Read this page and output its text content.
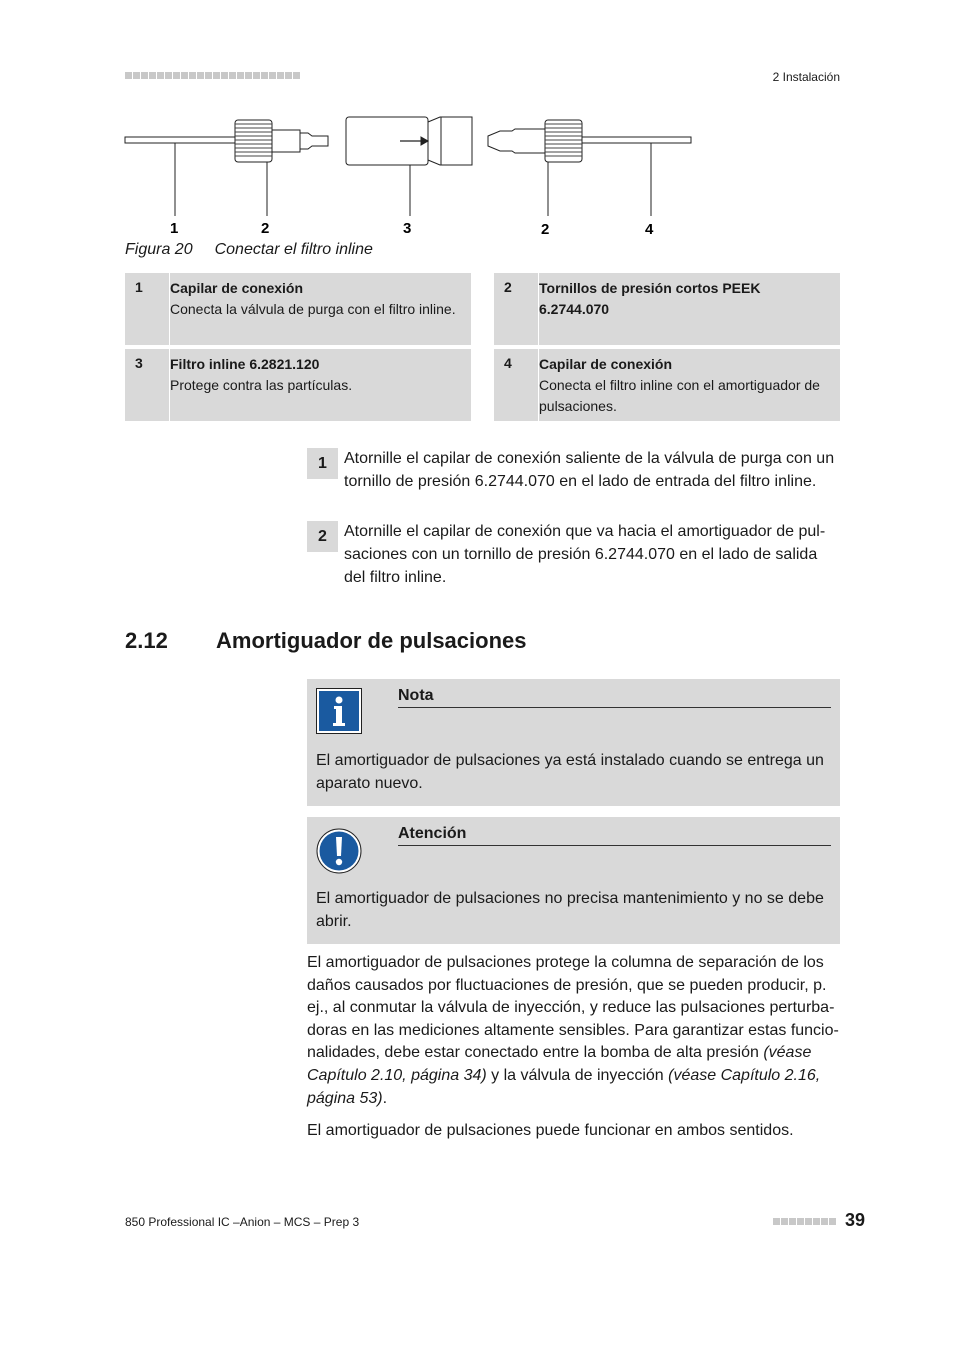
2 Instalación
1	2	3	2	4
Figura 20 Conectar el filtro inline
1	Capilar de conexión
Conecta la válvula de purga con el filtro inline.
2	Tornillos de presión cortos PEEK 6.2744.070
3	Filtro inline 6.2821.120
Protege contra las partículas.
4	Capilar de conexión
Conecta el filtro inline con el amortiguador de pulsaciones.
1	Atornille el capilar de conexión saliente de la válvula de purga con un tornillo de presión 6.2744.070 en el lado de entrada del filtro inline.
2	Atornille el capilar de conexión que va hacia el amortiguador de pul-saciones con un tornillo de presión 6.2744.070 en el lado de salida del filtro inline.
2.12 Amortiguador de pulsaciones
Nota
El amortiguador de pulsaciones ya está instalado cuando se entrega un aparato nuevo.
Atención
El amortiguador de pulsaciones no precisa mantenimiento y no se debe abrir.
El amortiguador de pulsaciones protege la columna de separación de los daños causados por fluctuaciones de presión, que se pueden producir, p. ej., al conmutar la válvula de inyección, y reduce las pulsaciones perturba-doras en las mediciones altamente sensibles. Para garantizar estas funcio-nalidades, debe estar conectado entre la bomba de alta presión (véase Capítulo 2.10, página 34) y la válvula de inyección (véase Capítulo 2.16, página 53).
El amortiguador de pulsaciones puede funcionar en ambos sentidos.
850 Professional IC –Anion – MCS – Prep 3	39
